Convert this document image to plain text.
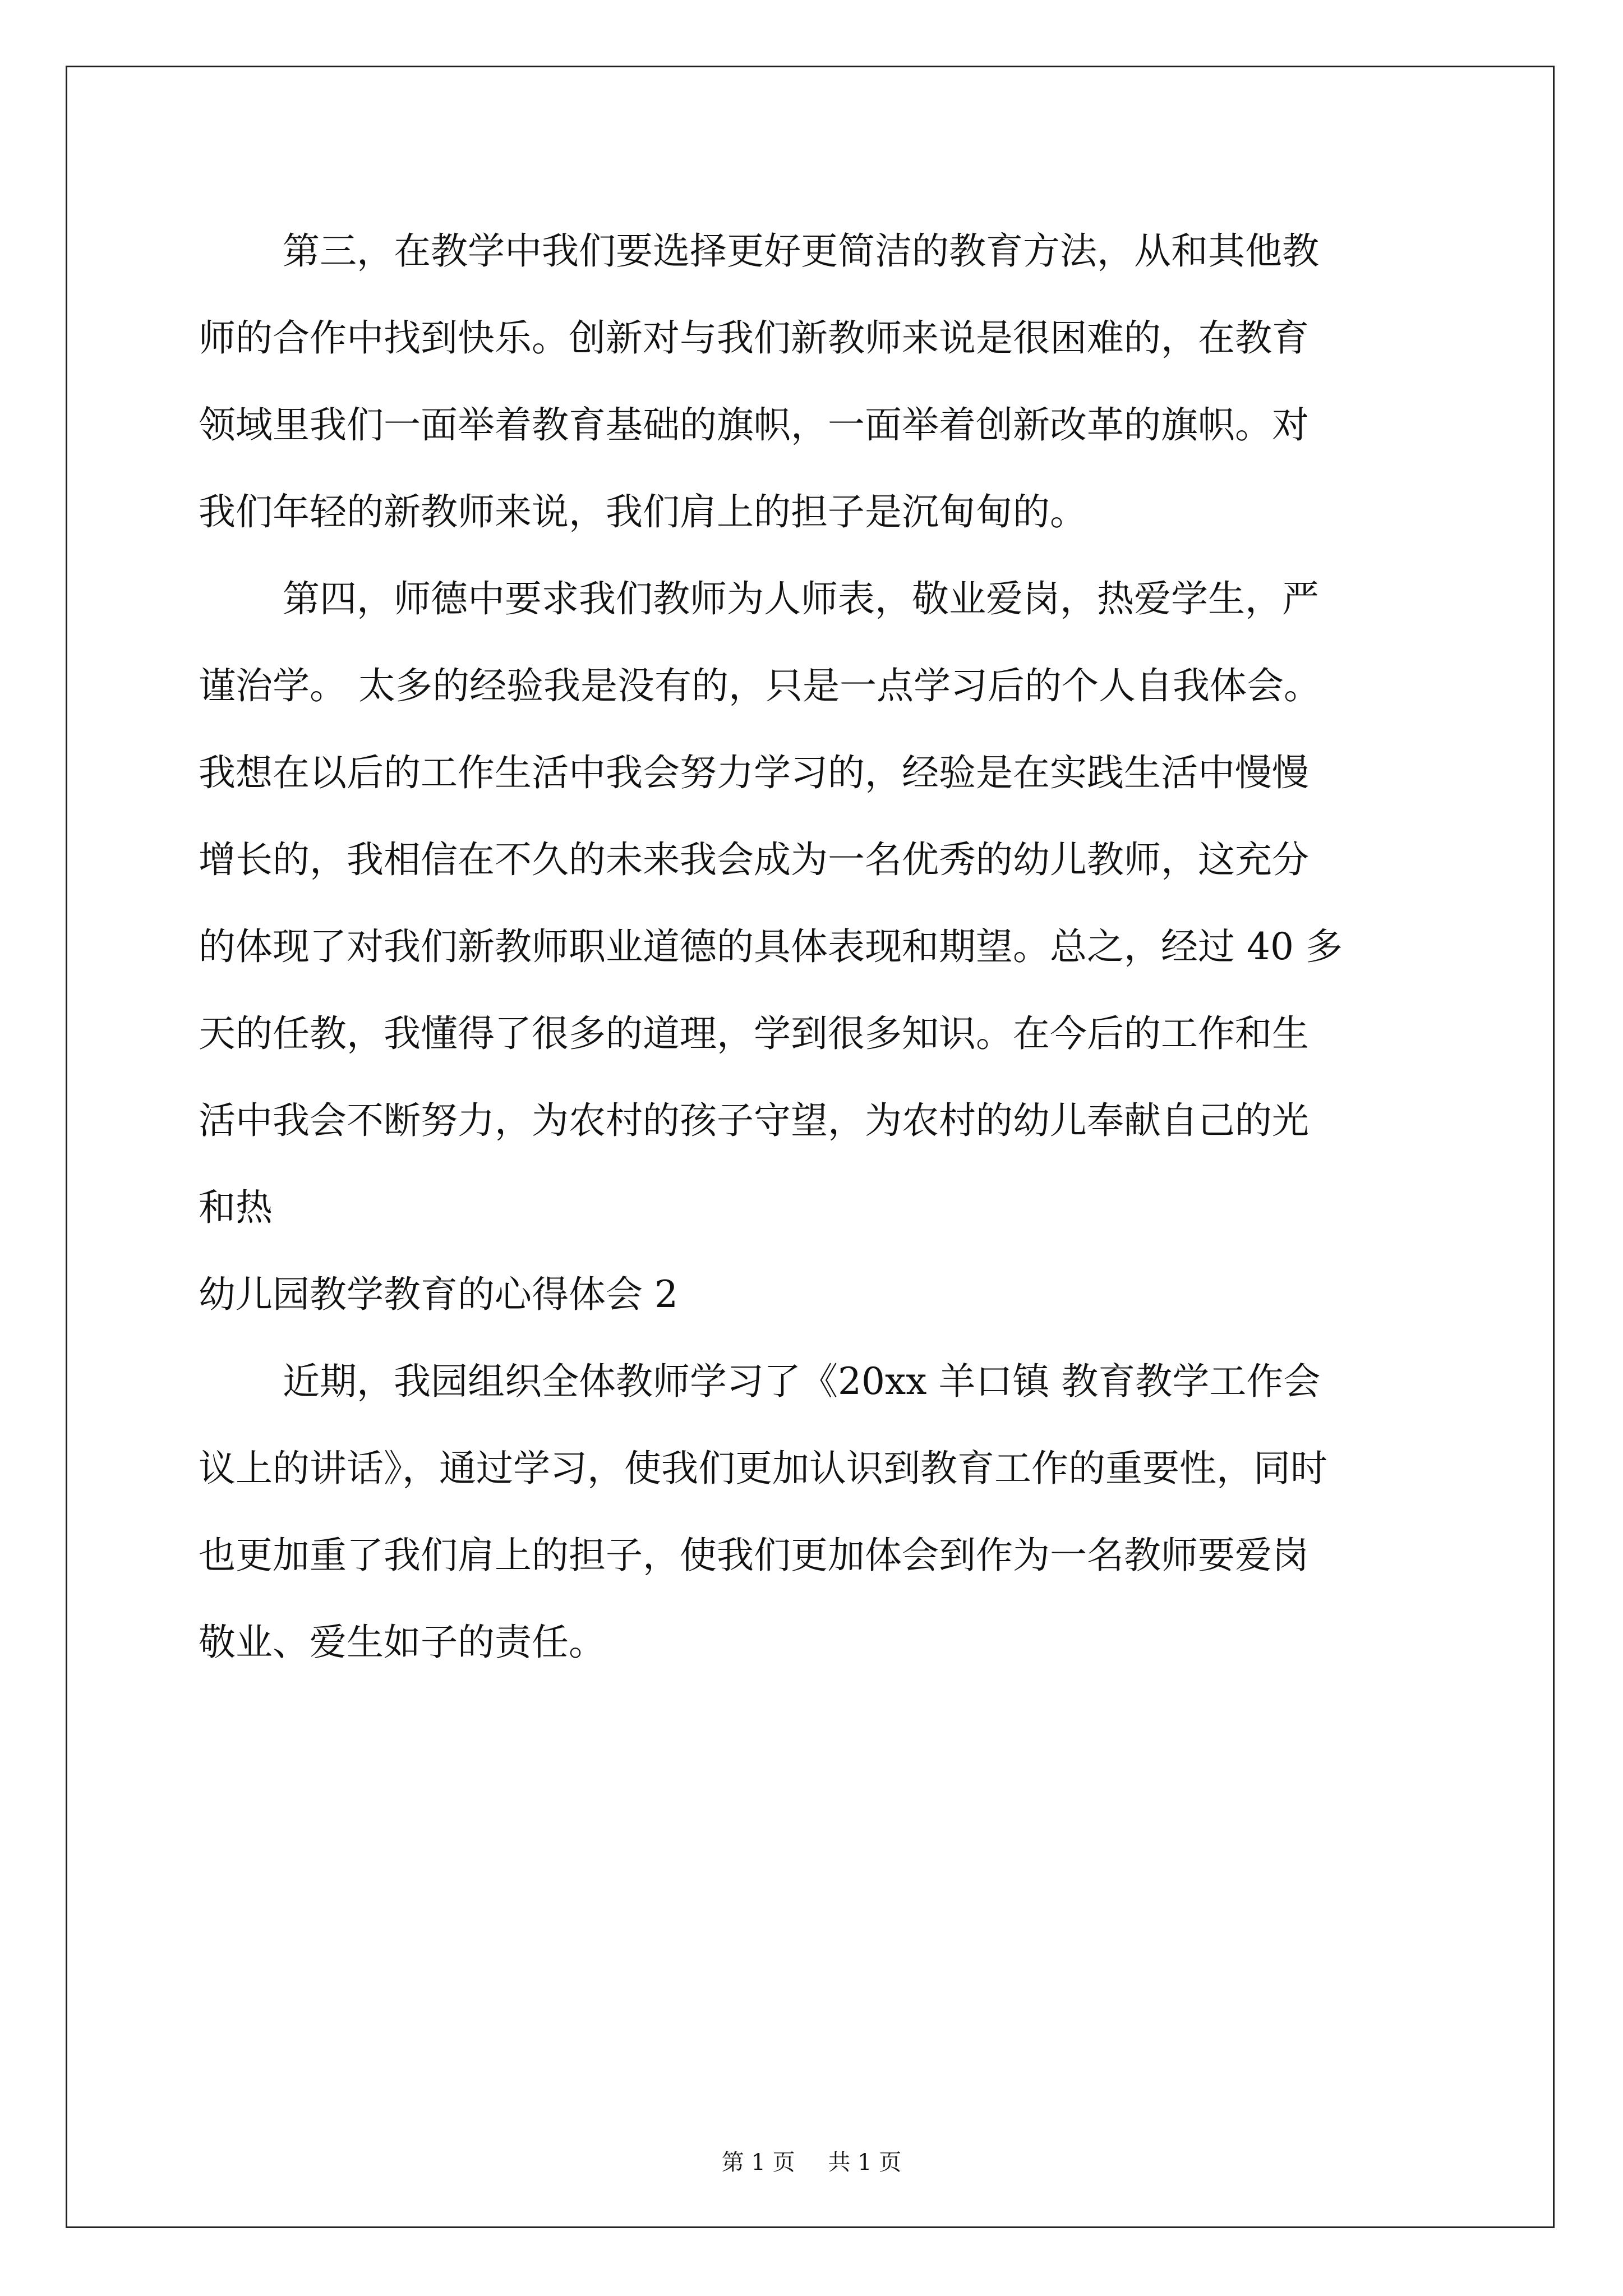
第三，在教学中我们要选择更好更简洁的教育方法，从和其他教
师的合作中找到快乐。创新对与我们新教师来说是很困难的，在教育
领域里我们一面举着教育基础的旗帜，一面举着创新改革的旗帜。对
我们年轻的新教师来说，我们肩上的担子是沉甸甸的。
第四，师德中要求我们教师为人师表，敬业爱岗，热爱学生，严
谨治学。 太多的经验我是没有的，只是一点学习后的个人自我体会。
我想在以后的工作生活中我会努力学习的，经验是在实践生活中慢慢
增长的，我相信在不久的未来我会成为一名优秀的幼儿教师，这充分
的体现了对我们新教师职业道德的具体表现和期望。总之，经过 40 多
天的任教，我懂得了很多的道理，学到很多知识。在今后的工作和生
活中我会不断努力，为农村的孩子守望，为农村的幼儿奉献自己的光
和热
幼儿园教学教育的心得体会 2
近期，我园组织全体教师学习了《20xx 羊口镇 教育教学工作会
议上的讲话》，通过学习，使我们更加认识到教育工作的重要性，同时
也更加重了我们肩上的担子，使我们更加体会到作为一名教师要爱岗
敬业、爱生如子的责任。
第 1 页 共 1 页
